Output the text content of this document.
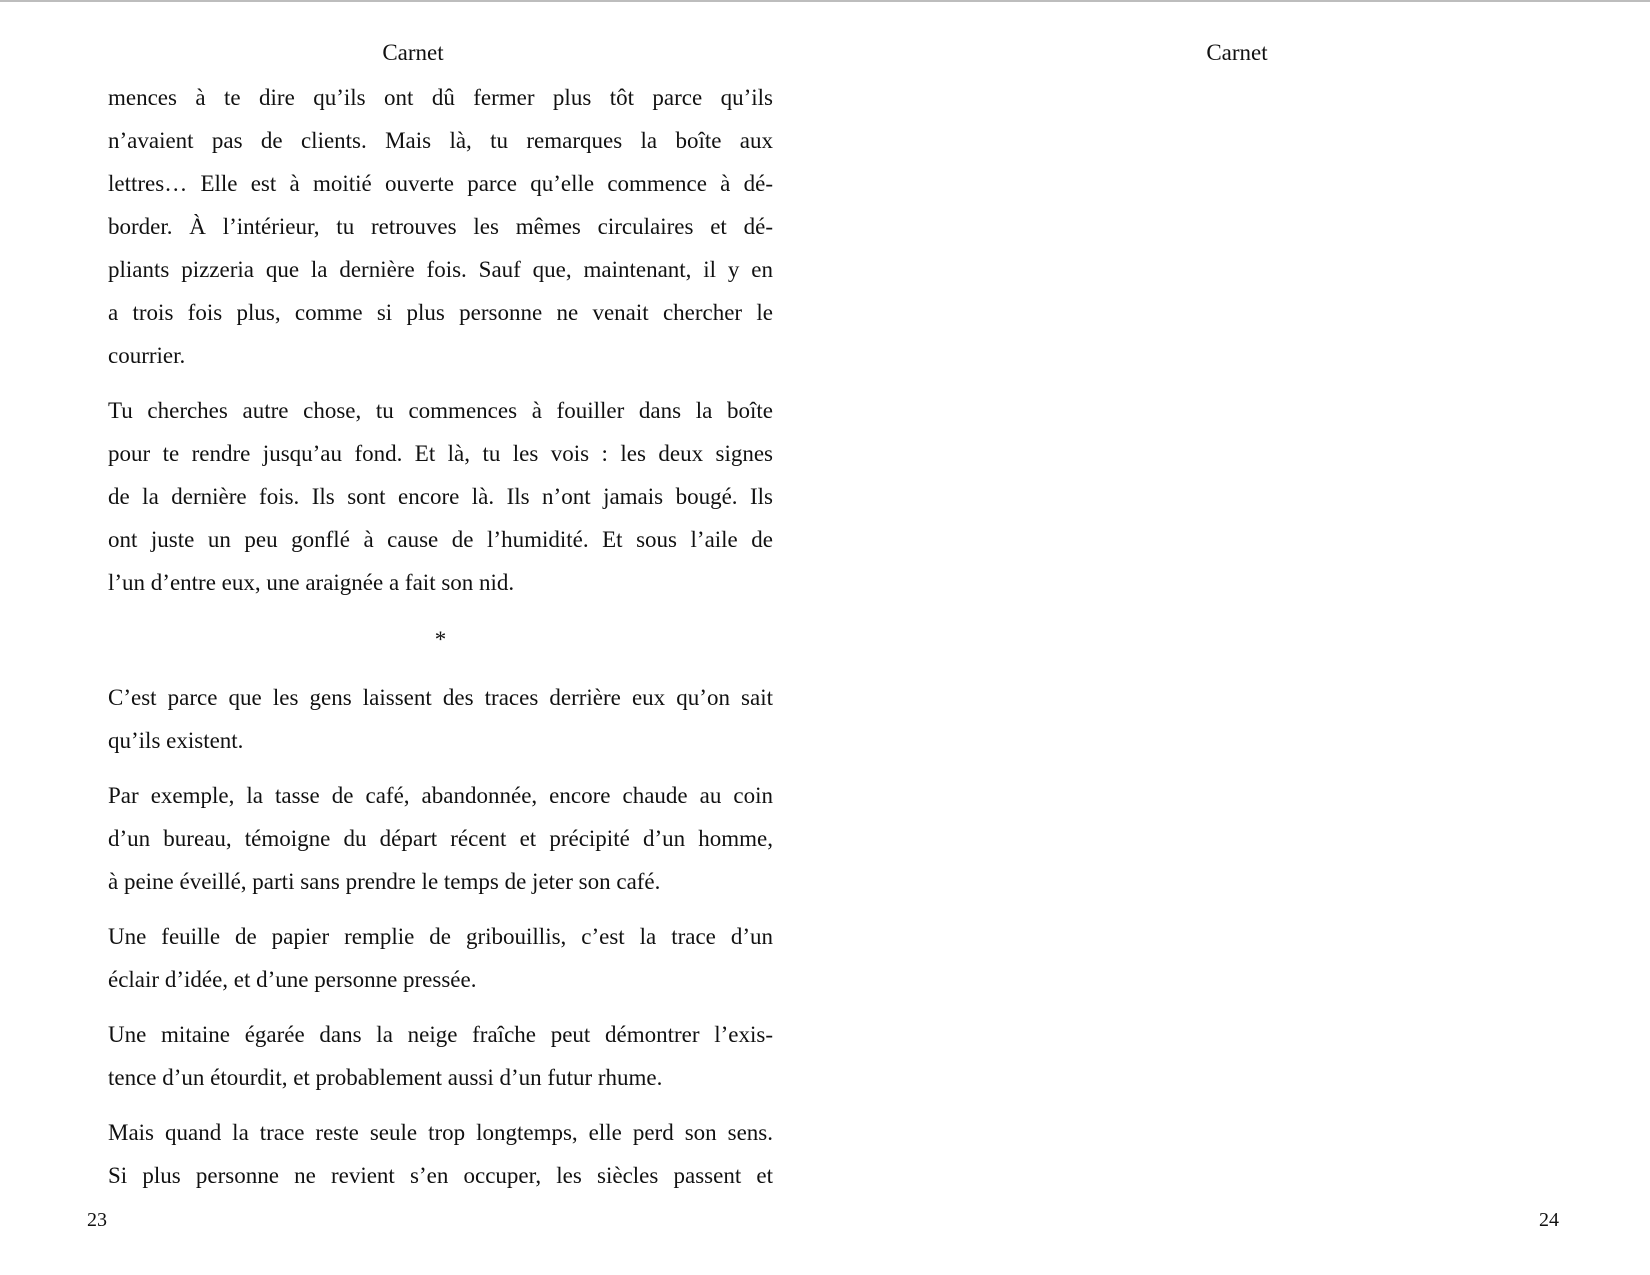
Carnet

mences à te dire qu’ils ont dû fermer plus tôt parce qu’ils
n’avaient pas de clients. Mais là, tu remarques la boîte aux
lettres… Elle est à moitié ouverte parce qu’elle commence à dé-
border. À l’intérieur, tu retrouves les mêmes circulaires et dé-
pliants pizzeria que la dernière fois. Sauf que, maintenant, il y en
a trois fois plus, comme si plus personne ne venait chercher le
courrier.

Tu cherches autre chose, tu commences à fouiller dans la boîte
pour te rendre jusqu’au fond. Et là, tu les vois : les deux signes
de la dernière fois. Ils sont encore là. Ils n’ont jamais bougé. Ils
ont juste un peu gonflé à cause de l’humidité. Et sous l’aile de
l’un d’entre eux, une araignée a fait son nid.

*

C’est parce que les gens laissent des traces derrière eux qu’on sait
qu’ils existent.

Par exemple, la tasse de café, abandonnée, encore chaude au coin
d’un bureau, témoigne du départ récent et précipité d’un homme,
à peine éveillé, parti sans prendre le temps de jeter son café.

Une feuille de papier remplie de gribouillis, c’est la trace d’un
éclair d’idée, et d’une personne pressée.

Une mitaine égarée dans la neige fraîche peut démontrer l’exis-
tence d’un étourdit, et probablement aussi d’un futur rhume.

Mais quand la trace reste seule trop longtemps, elle perd son sens.
Si plus personne ne revient s’en occuper, les siècles passent et

23
Carnet
24
